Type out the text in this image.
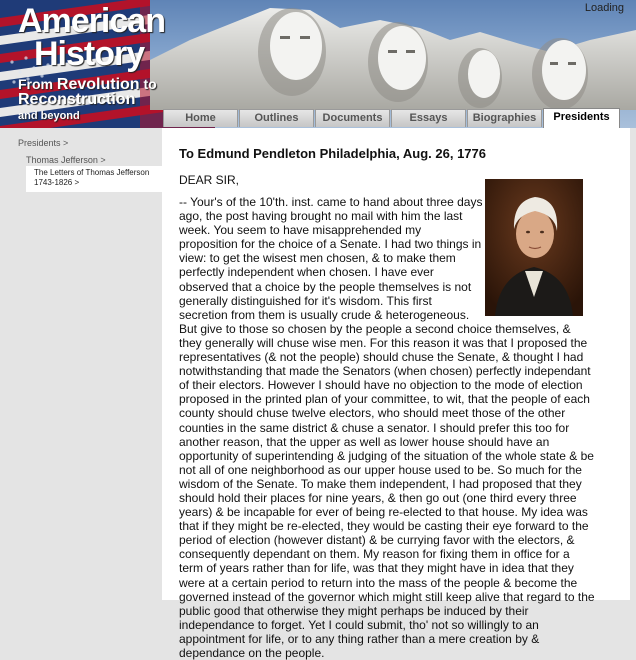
Loading
American
History
From Revolution to
Reconstruction
and beyond	Home	Outlines	Documents	Essays	Biographies	Presidents
Presidents >
Thomas Jefferson >
The Letters of Thomas Jefferson
1743-1826 >
To Edmund Pendleton Philadelphia, Aug. 26, 1776
DEAR SIR,
-- Your's of the 10'th. inst. came to hand about three days ago, the post having brought no mail with him the last week. You seem to have misapprehended my proposition for the choice of a Senate. I had two things in view: to get the wisest men chosen, & to make them perfectly independent when chosen. I have ever observed that a choice by the people themselves is not generally distinguished for it's wisdom. This first secretion from them is usually crude & heterogeneous. But give to those so chosen by the people a second choice themselves, & they generally will chuse wise men. For this reason it was that I proposed the representatives (& not the people) should chuse the Senate, & thought I had notwithstanding that made the Senators (when chosen) perfectly independant of their electors. However I should have no objection to the mode of election proposed in the printed plan of your committee, to wit, that the people of each county should chuse twelve electors, who should meet those of the other counties in the same district & chuse a senator. I should prefer this too for another reason, that the upper as well as lower house should have an opportunity of superintending & judging of the situation of the whole state & be not all of one neighborhood as our upper house used to be. So much for the wisdom of the Senate. To make them independent, I had proposed that they should hold their places for nine years, & then go out (one third every three years) & be incapable for ever of being re-elected to that house. My idea was that if they might be re-elected, they would be casting their eye forward to the period of election (however distant) & be currying favor with the electors, & consequently dependant on them. My reason for fixing them in office for a term of years rather than for life, was that they might have in idea that they were at a certain period to return into the mass of the people & become the governed instead of the governor which might still keep alive that regard to the public good that otherwise they might perhaps be induced by their independance to forget. Yet I could submit, tho' not so willingly to an appointment for life, or to any thing rather than a mere creation by & dependance on the people.
